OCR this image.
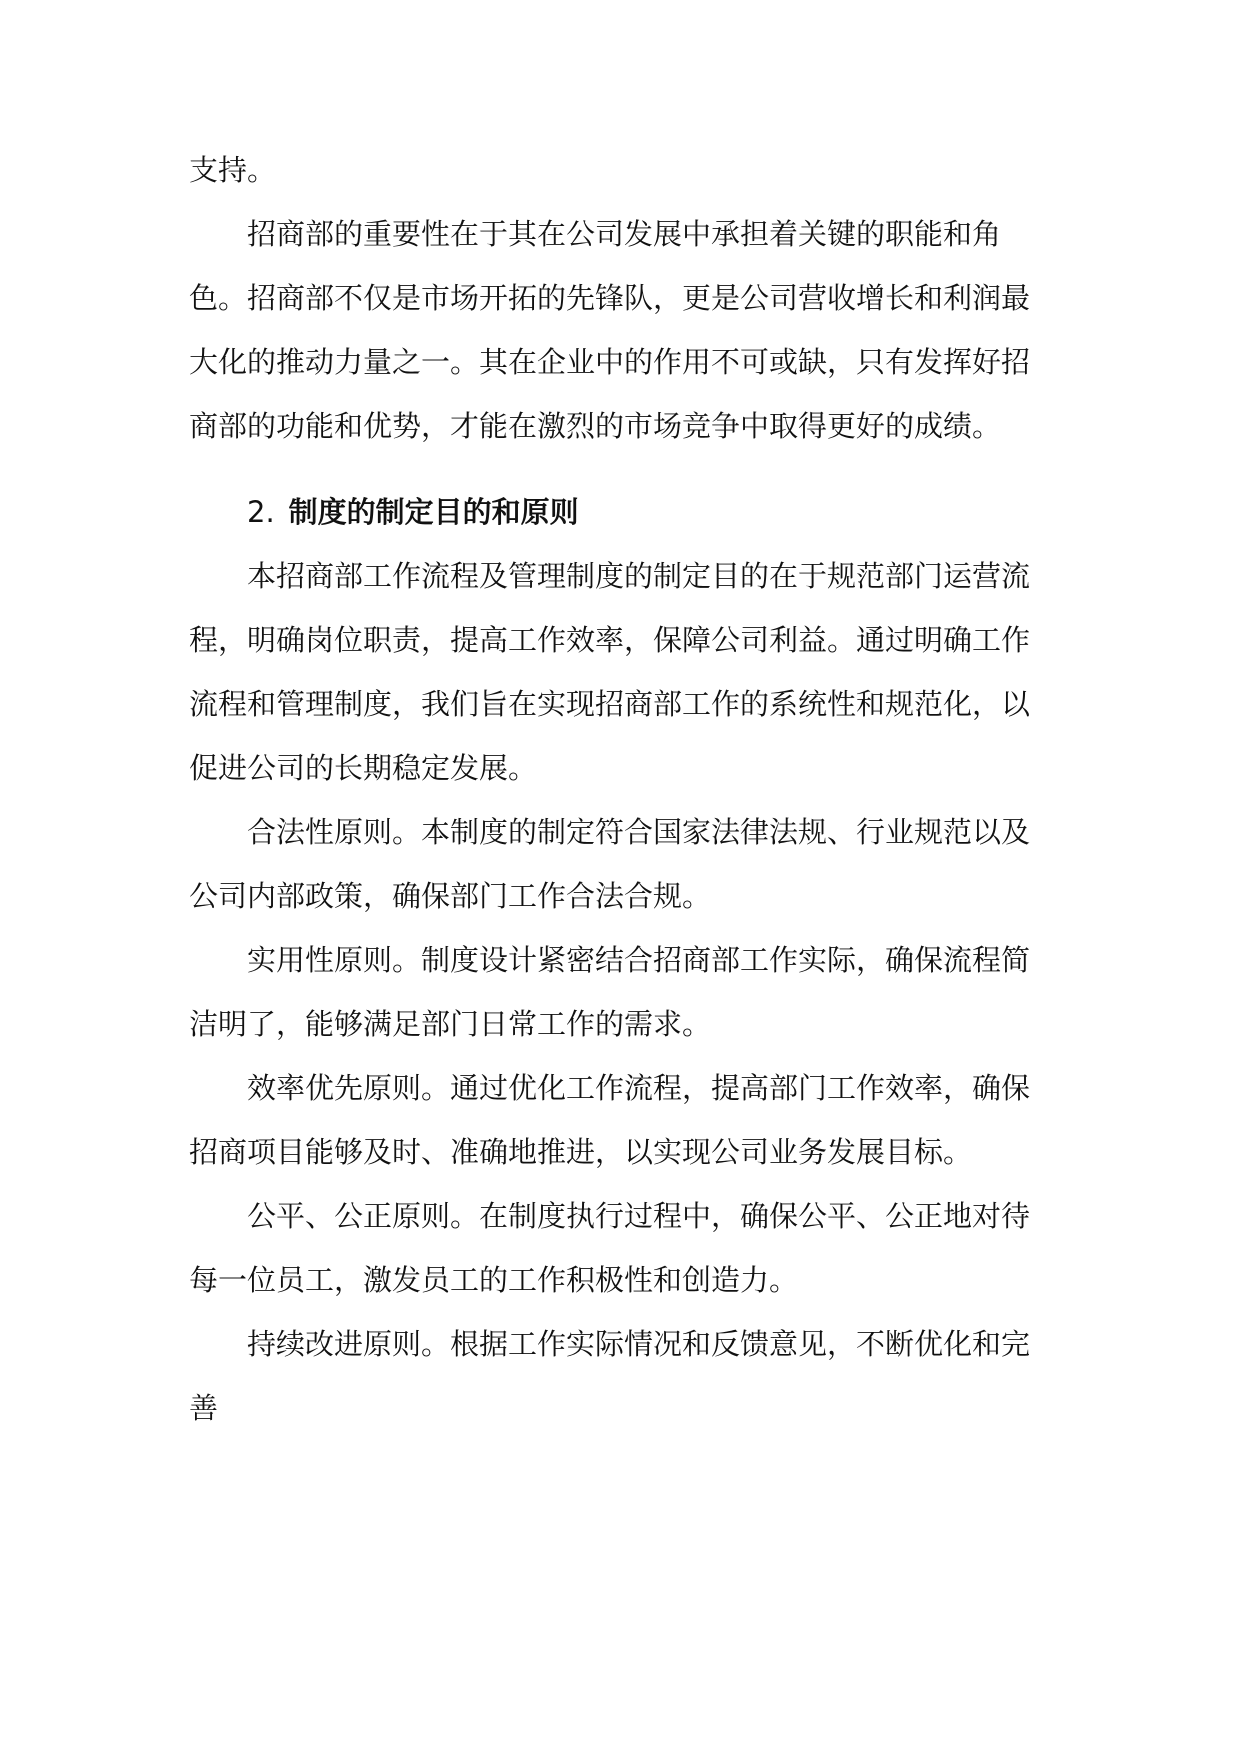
支持。

招商部的重要性在于其在公司发展中承担着关键的职能和角色。招商部不仅是市场开拓的先锋队，更是公司营收增长和利润最大化的推动力量之一。其在企业中的作用不可或缺，只有发挥好招商部的功能和优势，才能在激烈的市场竞争中取得更好的成绩。

2. 制度的制定目的和原则

本招商部工作流程及管理制度的制定目的在于规范部门运营流程，明确岗位职责，提高工作效率，保障公司利益。通过明确工作流程和管理制度，我们旨在实现招商部工作的系统性和规范化，以促进公司的长期稳定发展。

合法性原则。本制度的制定符合国家法律法规、行业规范以及公司内部政策，确保部门工作合法合规。

实用性原则。制度设计紧密结合招商部工作实际，确保流程简洁明了，能够满足部门日常工作的需求。

效率优先原则。通过优化工作流程，提高部门工作效率，确保招商项目能够及时、准确地推进，以实现公司业务发展目标。

公平、公正原则。在制度执行过程中，确保公平、公正地对待每一位员工，激发员工的工作积极性和创造力。

持续改进原则。根据工作实际情况和反馈意见，不断优化和完善
